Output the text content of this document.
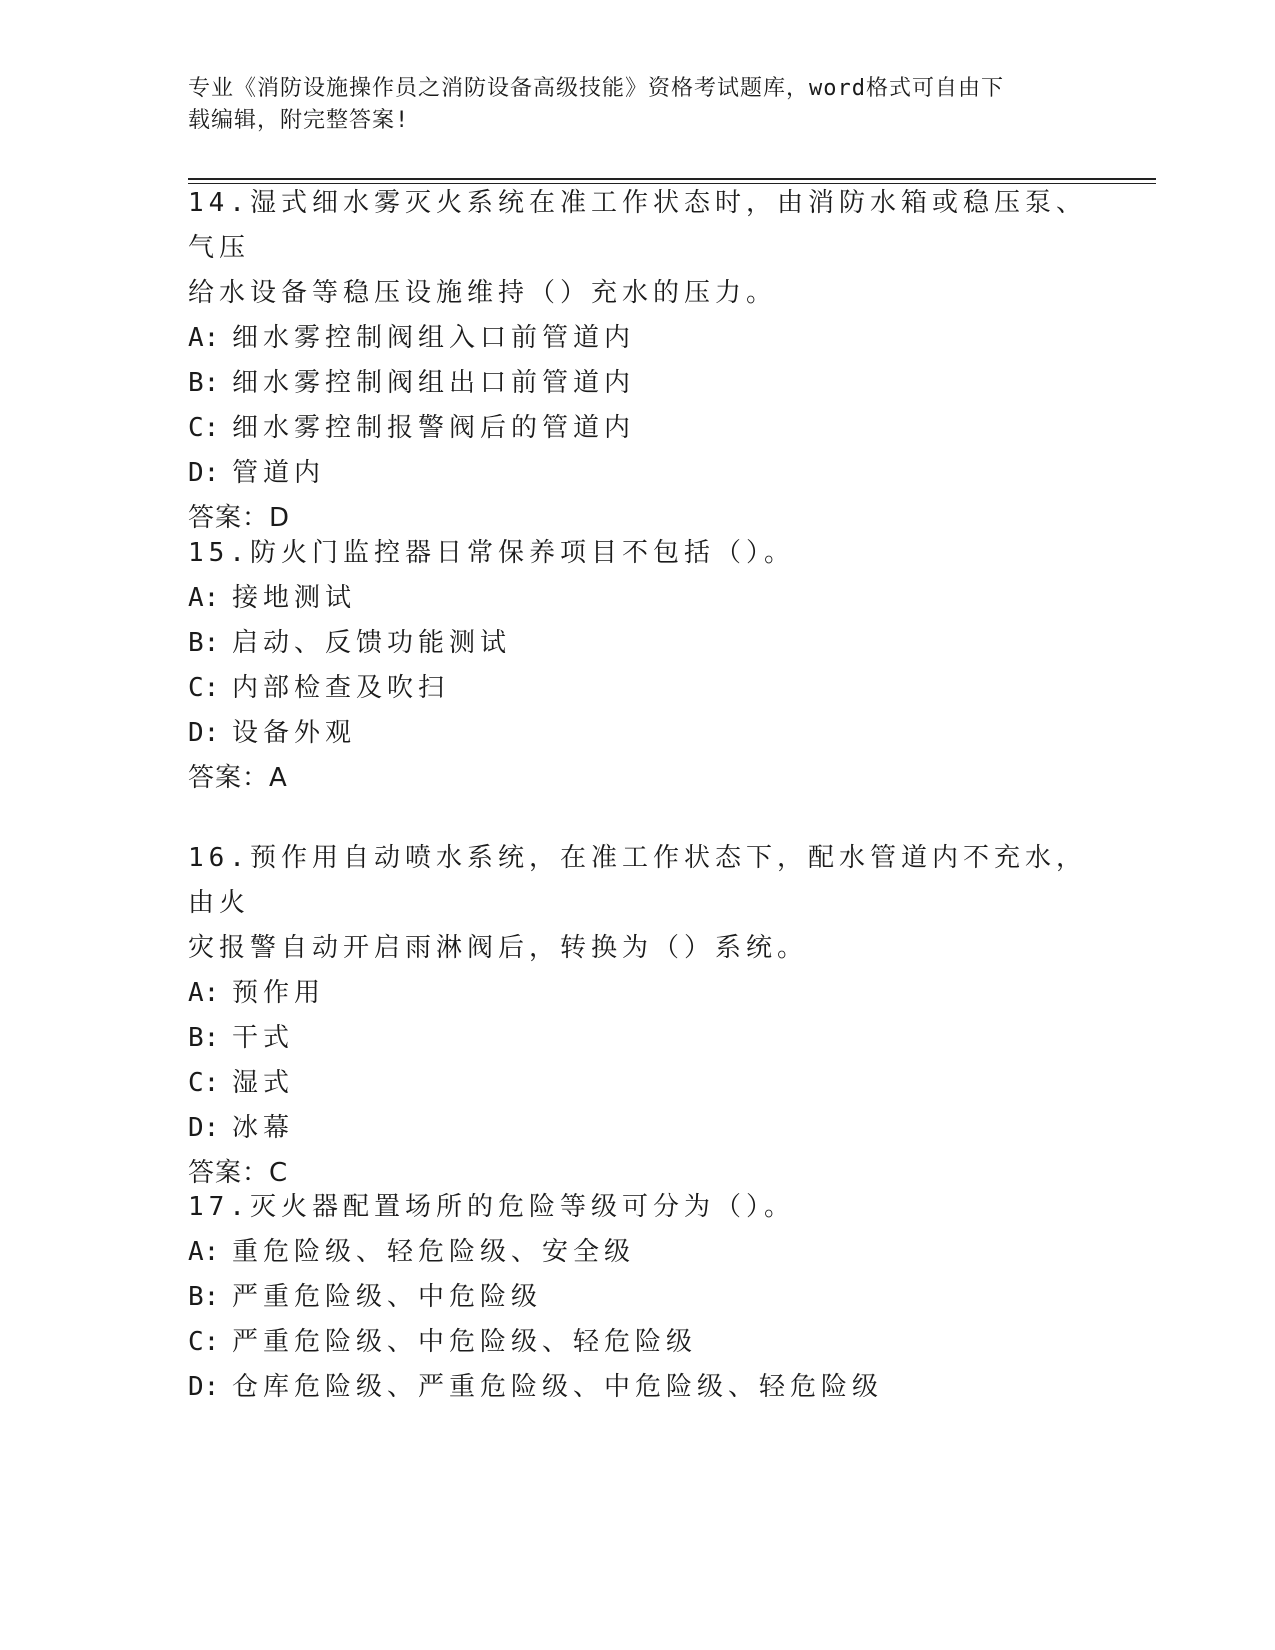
专业《消防设施操作员之消防设备高级技能》资格考试题库，word格式可自由下
载编辑，附完整答案!
14.湿式细水雾灭火系统在准工作状态时，由消防水箱或稳压泵、气压
给水设备等稳压设施维持（）充水的压力。
A: 细水雾控制阀组入口前管道内
B: 细水雾控制阀组出口前管道内
C: 细水雾控制报警阀后的管道内
D: 管道内
答案：D
15.防火门监控器日常保养项目不包括（）。
A: 接地测试
B: 启动、反馈功能测试
C: 内部检查及吹扫
D: 设备外观
答案：A
16.预作用自动喷水系统，在准工作状态下，配水管道内不充水，由火
灾报警自动开启雨淋阀后，转换为（）系统。
A: 预作用
B: 干式
C: 湿式
D: 冰幕
答案：C
17.灭火器配置场所的危险等级可分为（）。
A: 重危险级、轻危险级、安全级
B: 严重危险级、中危险级
C: 严重危险级、中危险级、轻危险级
D: 仓库危险级、严重危险级、中危险级、轻危险级
